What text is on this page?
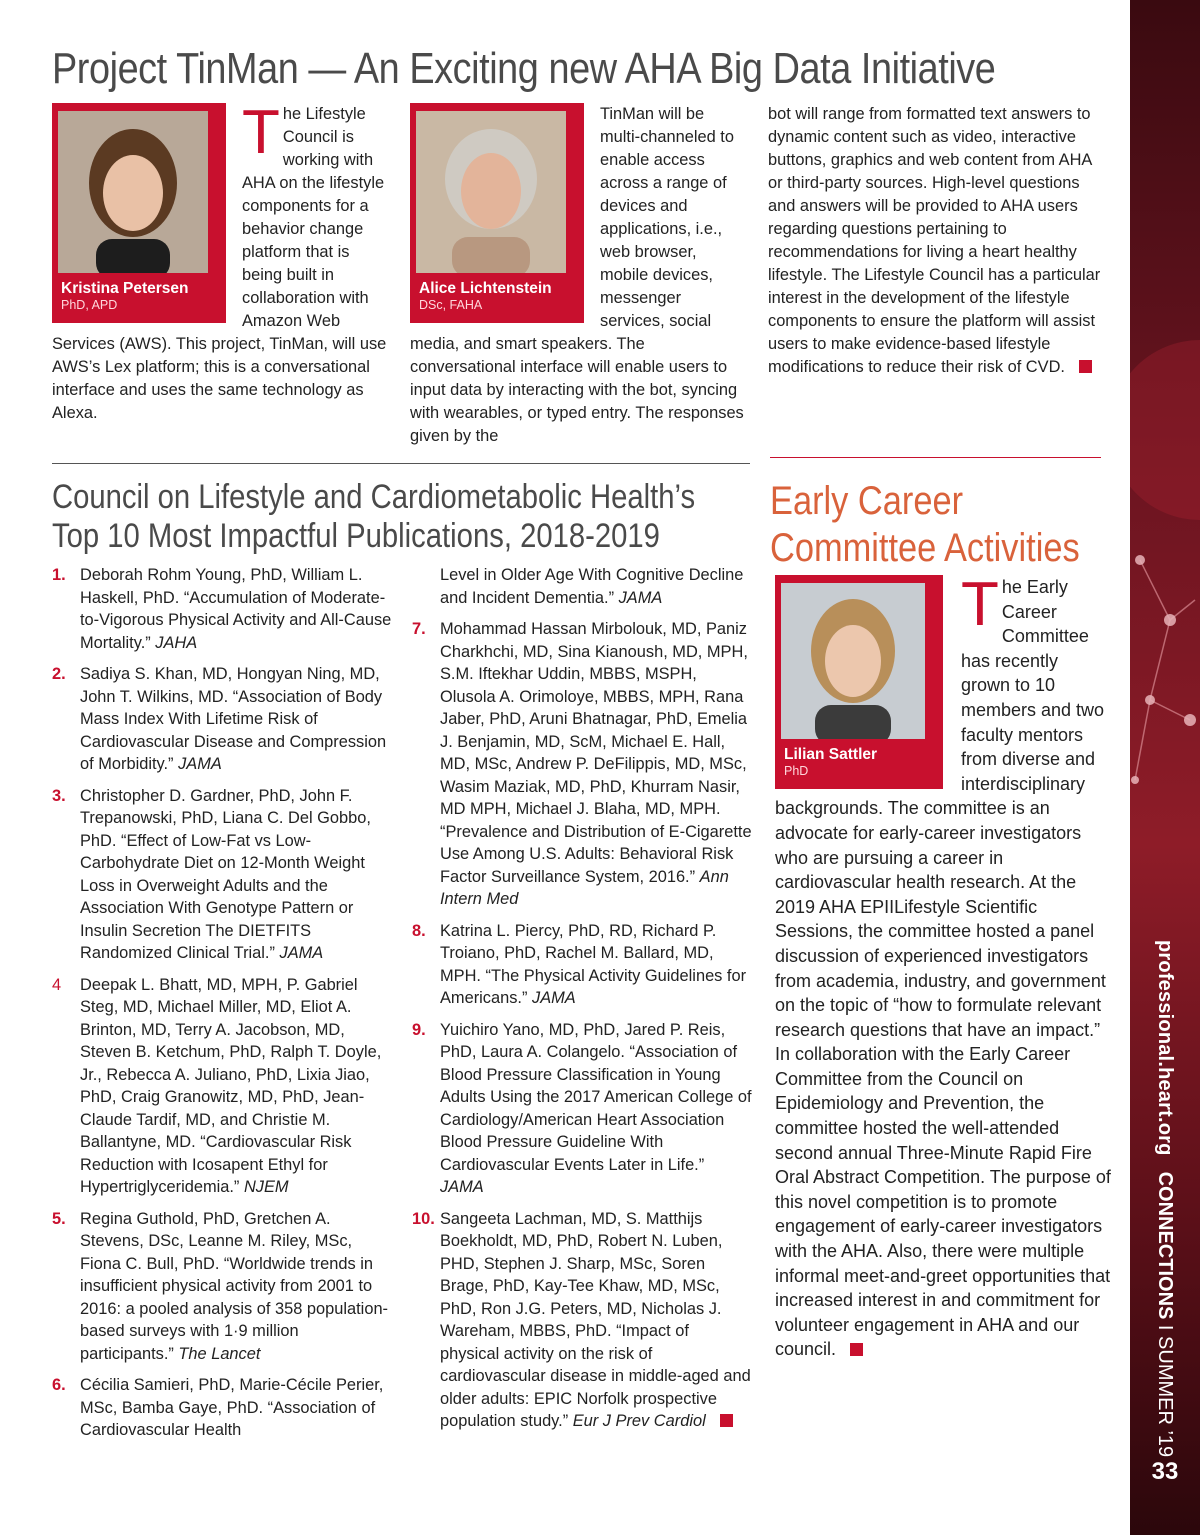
Project TinMan — An Exciting new AHA Big Data Initiative
Kristina Petersen
PhD, APD
T he Lifestyle Council is working with AHA on the lifestyle components for a behavior change platform that is being built in collaboration with Amazon Web Services (AWS). This project, TinMan, will use AWS’s Lex platform; this is a conversational interface and uses the same technology as Alexa.
Alice Lichtenstein
DSc, FAHA
TinMan will be multi-channeled to enable access across a range of devices and applications, i.e., web browser, mobile devices, messenger services, social media, and smart speakers. The conversational interface will enable users to input data by interacting with the bot, syncing with wearables, or typed entry. The responses given by the
bot will range from formatted text answers to dynamic content such as video, interactive buttons, graphics and web content from AHA or third-party sources. High-level questions and answers will be provided to AHA users regarding questions pertaining to recommendations for living a heart healthy lifestyle. The Lifestyle Council has a particular interest in the development of the lifestyle components to ensure the platform will assist users to make evidence-based lifestyle modifications to reduce their risk of CVD.
Council on Lifestyle and Cardiometabolic Health’s
Top 10 Most Impactful Publications, 2018-2019
1. Deborah Rohm Young, PhD, William L. Haskell, PhD. “Accumulation of Moderate-to-Vigorous Physical Activity and All-Cause Mortality.” JAHA
2. Sadiya S. Khan, MD, Hongyan Ning, MD, John T. Wilkins, MD. “Association of Body Mass Index With Lifetime Risk of Cardiovascular Disease and Compression of Morbidity.” JAMA
3. Christopher D. Gardner, PhD, John F. Trepanowski, PhD, Liana C. Del Gobbo, PhD. “Effect of Low-Fat vs Low-Carbohydrate Diet on 12-Month Weight Loss in Overweight Adults and the Association With Genotype Pattern or Insulin Secretion The DIETFITS Randomized Clinical Trial.” JAMA
4 Deepak L. Bhatt, MD, MPH, P. Gabriel Steg, MD, Michael Miller, MD, Eliot A. Brinton, MD, Terry A. Jacobson, MD, Steven B. Ketchum, PhD, Ralph T. Doyle, Jr., Rebecca A. Juliano, PhD, Lixia Jiao, PhD, Craig Granowitz, MD, PhD, Jean-Claude Tardif, MD, and Christie M. Ballantyne, MD. “Cardiovascular Risk Reduction with Icosapent Ethyl for Hypertriglyceridemia.” NJEM
5. Regina Guthold, PhD, Gretchen A. Stevens, DSc, Leanne M. Riley, MSc, Fiona C. Bull, PhD. “Worldwide trends in insufficient physical activity from 2001 to 2016: a pooled analysis of 358 population-based surveys with 1·9 million participants.” The Lancet
6. Cécilia Samieri, PhD, Marie-Cécile Perier, MSc, Bamba Gaye, PhD. “Association of Cardiovascular Health
Level in Older Age With Cognitive Decline and Incident Dementia.” JAMA
7. Mohammad Hassan Mirbolouk, MD, Paniz Charkhchi, MD, Sina Kianoush, MD, MPH, S.M. Iftekhar Uddin, MBBS, MSPH, Olusola A. Orimoloye, MBBS, MPH, Rana Jaber, PhD, Aruni Bhatnagar, PhD, Emelia J. Benjamin, MD, ScM, Michael E. Hall, MD, MSc, Andrew P. DeFilippis, MD, MSc, Wasim Maziak, MD, PhD, Khurram Nasir, MD MPH, Michael J. Blaha, MD, MPH. “Prevalence and Distribution of E-Cigarette Use Among U.S. Adults: Behavioral Risk Factor Surveillance System, 2016.” Ann Intern Med
8. Katrina L. Piercy, PhD, RD, Richard P. Troiano, PhD, Rachel M. Ballard, MD, MPH. “The Physical Activity Guidelines for Americans.” JAMA
9. Yuichiro Yano, MD, PhD, Jared P. Reis, PhD, Laura A. Colangelo. “Association of Blood Pressure Classification in Young Adults Using the 2017 American College of Cardiology/American Heart Association Blood Pressure Guideline With Cardiovascular Events Later in Life.” JAMA
10. Sangeeta Lachman, MD, S. Matthijs Boekholdt, MD, PhD, Robert N. Luben, PHD, Stephen J. Sharp, MSc, Soren Brage, PhD, Kay-Tee Khaw, MD, MSc, PhD, Ron J.G. Peters, MD, Nicholas J. Wareham, MBBS, PhD. “Impact of physical activity on the risk of cardiovascular disease in middle-aged and older adults: EPIC Norfolk prospective population study.” Eur J Prev Cardiol
Early Career
Committee Activities
Lilian Sattler
PhD
T he Early Career Committee has recently grown to 10 members and two faculty mentors from diverse and interdisciplinary backgrounds. The committee is an advocate for early-career investigators who are pursuing a career in cardiovascular health research. At the 2019 AHA EPIILifestyle Scientific Sessions, the committee hosted a panel discussion of experienced investigators from academia, industry, and government on the topic of “how to formulate relevant research questions that have an impact.” In collaboration with the Early Career Committee from the Council on Epidemiology and Prevention, the committee hosted the well-attended second annual Three-Minute Rapid Fire Oral Abstract Competition. The purpose of this novel competition is to promote engagement of early-career investigators with the AHA. Also, there were multiple informal meet-and-greet opportunities that increased interest in and commitment for volunteer engagement in AHA and our council.
professional.heart.orgCONNECTIONS I SUMMER ’19
33
